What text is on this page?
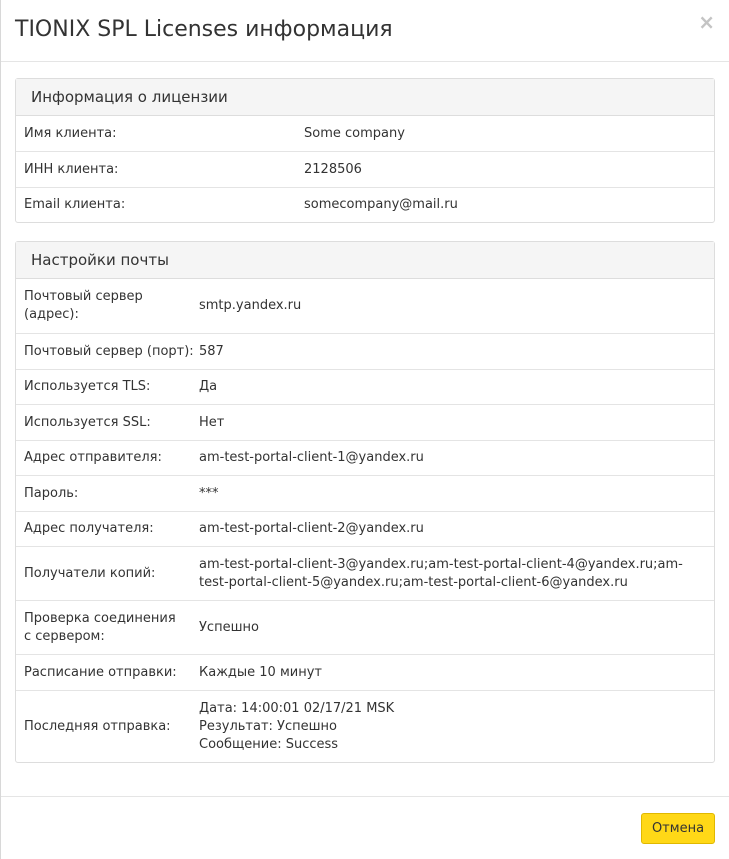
TIONIX SPL Licenses информация	×
Информация о лицензии
Имя клиента:	Some company
ИНН клиента:	2128506
Email клиента:	somecompany@mail.ru
Настройки почты
Почтовый сервер (адрес):
smtp.yandex.ru
Почтовый сервер (порт): 587
Используется TLS:	Да
Используется SSL:	Нет
Адрес отправителя:	am-test-portal-client-1@yandex.ru
Пароль:	***
Адрес получателя:	am-test-portal-client-2@yandex.ru
Получатели копий:
am-test-portal-client-3@yandex.ru;am-test-portal-client-4@yandex.ru;am-test-portal-client-5@yandex.ru;am-test-portal-client-6@yandex.ru
Проверка соединения с сервером:
Успешно
Расписание отправки:	Каждые 10 минут
Последняя отправка:
Дата: 14:00:01 02/17/21 MSK
Результат: Успешно
Сообщение: Success
Отмена
